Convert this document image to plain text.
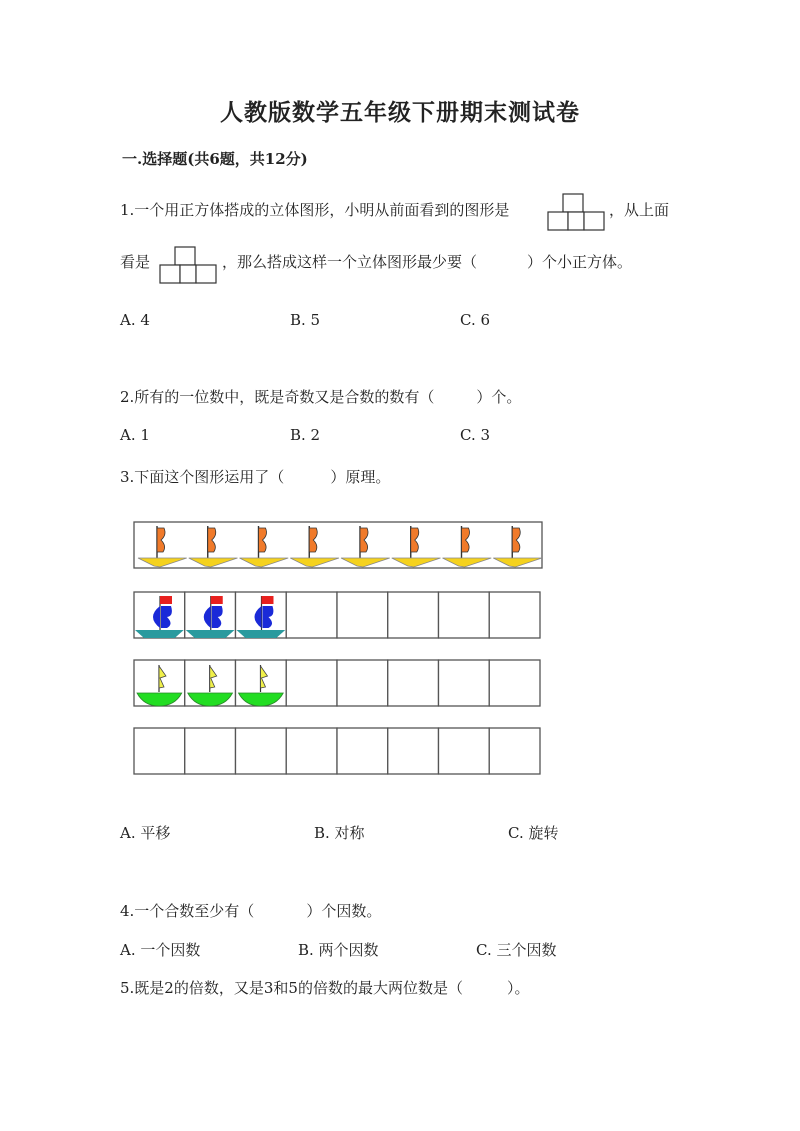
人教版数学五年级下册期末测试卷
一.选择题(共6题，共12分)
1.一个用正方体搭成的立体图形，小明从前面看到的图形是	，从上面
看是	，那么搭成这样一个立体图形最少要（	）个小正方体。
A. 4	B. 5	C. 6
2.所有的一位数中，既是奇数又是合数的数有（	）个。
A. 1	B. 2	C. 3
3.下面这个图形运用了（	）原理。
A. 平移	B. 对称	C. 旋转
4.一个合数至少有（	）个因数。
A. 一个因数	B. 两个因数	C. 三个因数
5.既是2的倍数，又是3和5的倍数的最大两位数是（	）。
